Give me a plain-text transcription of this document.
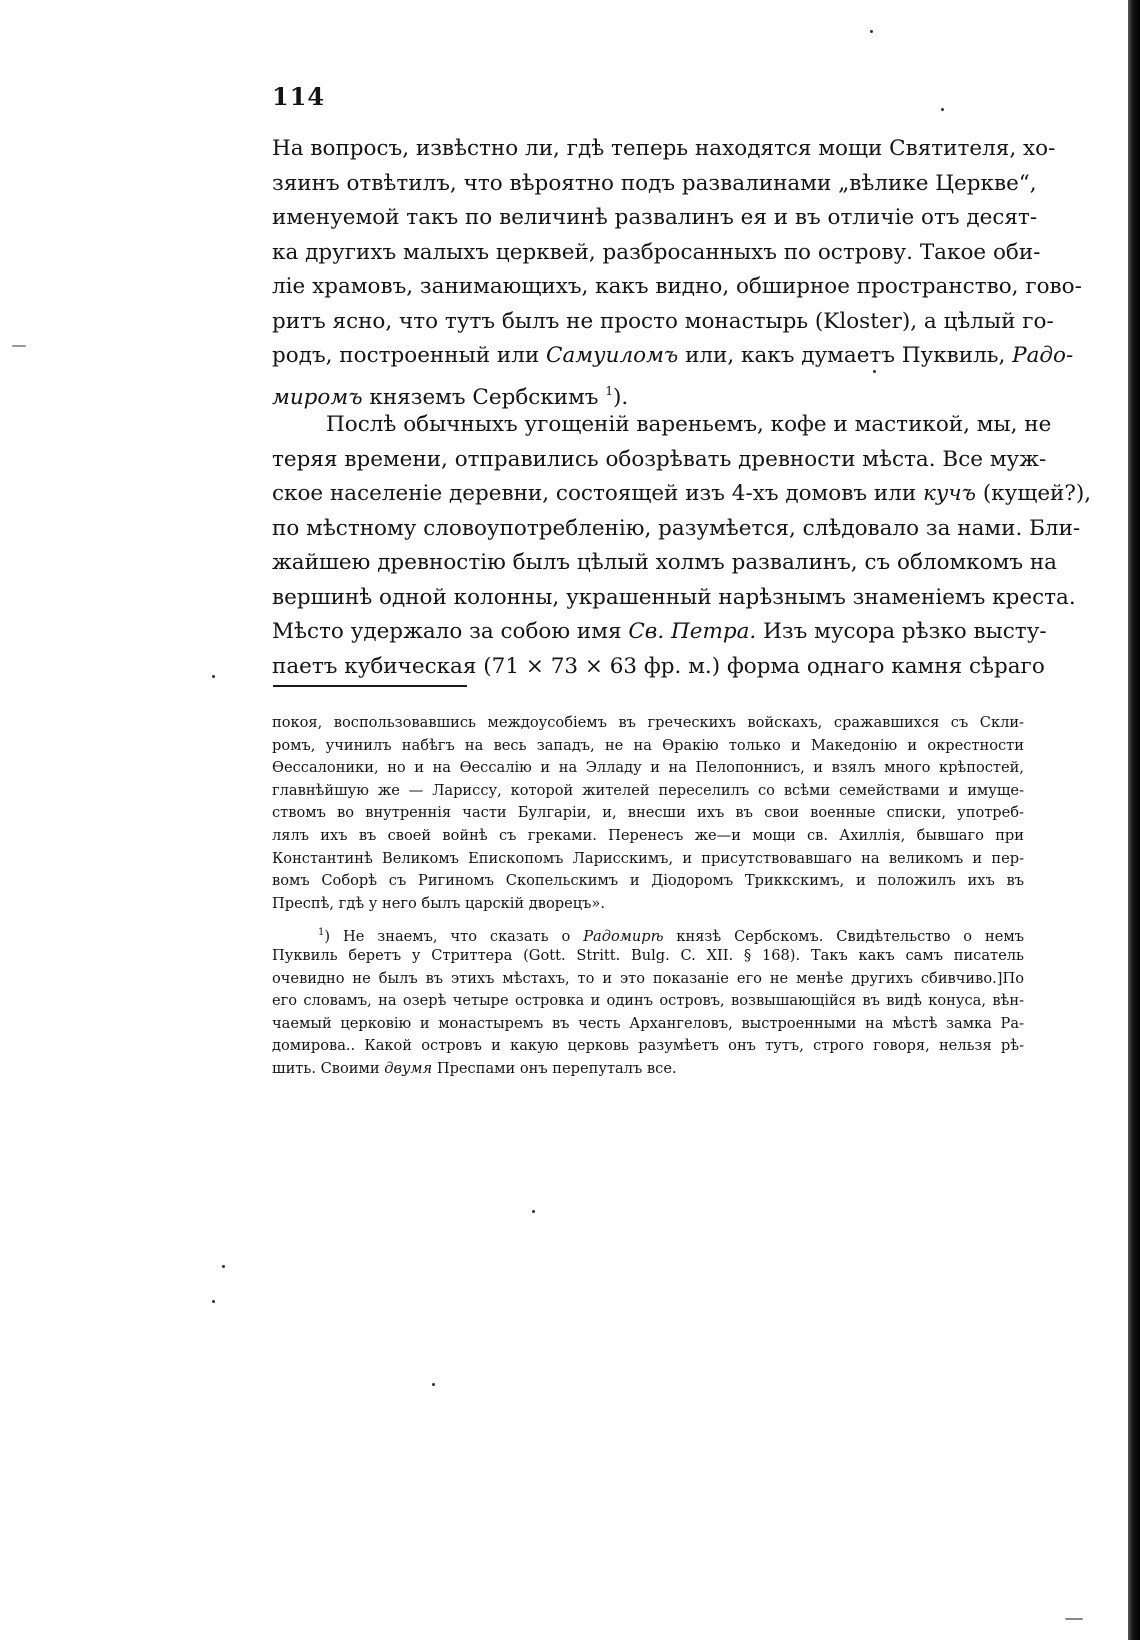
114
На вопросъ, извѣстно ли, гдѣ теперь находятся мощи Святителя, хо-
зяинъ отвѣтилъ, что вѣроятно подъ развалинами „вѣлике Церкве“,
именуемой такъ по величинѣ развалинъ ея и въ отличіе отъ десят-
ка другихъ малыхъ церквей, разбросанныхъ по острову. Такое оби-
ліе храмовъ, занимающихъ, какъ видно, обширное пространство, гово-
ритъ ясно, что тутъ былъ не просто монастырь (Kloster), а цѣлый го-
родъ, построенный или Самуиломъ или, какъ думаетъ Пуквиль, Радо-
миромъ княземъ Сербскимъ $^1$).
Послѣ обычныхъ угощеній вареньемъ, кофе и мастикой, мы, не
теряя времени, отправились обозрѣвать древности мѣста. Все муж-
ское населеніе деревни, состоящей изъ 4-хъ домовъ или кучъ (кущей?),
по мѣстному словоупотребленію, разумѣется, слѣдовало за нами. Бли-
жайшею древностію былъ цѣлый холмъ развалинъ, съ обломкомъ на
вершинѣ одной колонны, украшенный нарѣзнымъ знаменіемъ креста.
Мѣсто удержало за собою имя Св. Петра. Изъ мусора рѣзко высту-
паетъ кубическая (71 × 73 × 63 фр. м.) форма однаго камня сѣраго
покоя, воспользовавшись междоусобіемъ въ греческихъ войскахъ, сражавшихся съ Скли-
ромъ, учинилъ набѣгъ на весь западъ, не на Ѳракію только и Македонію и окрестности
Ѳессалоники, но и на Ѳессалію и на Элладу и на Пелопоннисъ, и взялъ много крѣпостей,
главнѣйшую же — Лариссу, которой жителей переселилъ со всѣми семействами и имуще-
ствомъ во внутреннія части Булгаріи, и, внесши ихъ въ свои военные списки, употреб-
лялъ ихъ въ своей войнѣ съ греками. Перенесъ же—и мощи св. Ахиллія, бывшаго при
Константинѣ Великомъ Епископомъ Ларисскимъ, и присутствовавшаго на великомъ и пер-
вомъ Соборѣ съ Ригиномъ Скопельскимъ и Діодоромъ Триккскимъ, и положилъ ихъ въ
Преспѣ, гдѣ у него былъ царскій дворецъ».
$^1$) Не знаемъ, что сказать о Радомирѣ князѣ Сербскомъ. Свидѣтельство о немъ
Пуквиль беретъ у Стриттера (Gott. Stritt. Bulg. C. XII. § 168). Такъ какъ самъ писатель
очевидно не былъ въ этихъ мѣстахъ, то и это показаніе его не менѣе другихъ сбивчиво.]По
его словамъ, на озерѣ четыре островка и одинъ островъ, возвышающійся въ видѣ конуса, вѣн-
чаемый церковію и монастыремъ въ честь Архангеловъ, выстроенными на мѣстѣ замка Ра-
домирова.. Какой островъ и какую церковь разумѣетъ онъ тутъ, строго говоря, нельзя рѣ-
шить. Своими двумя Преспами онъ перепуталъ все.
